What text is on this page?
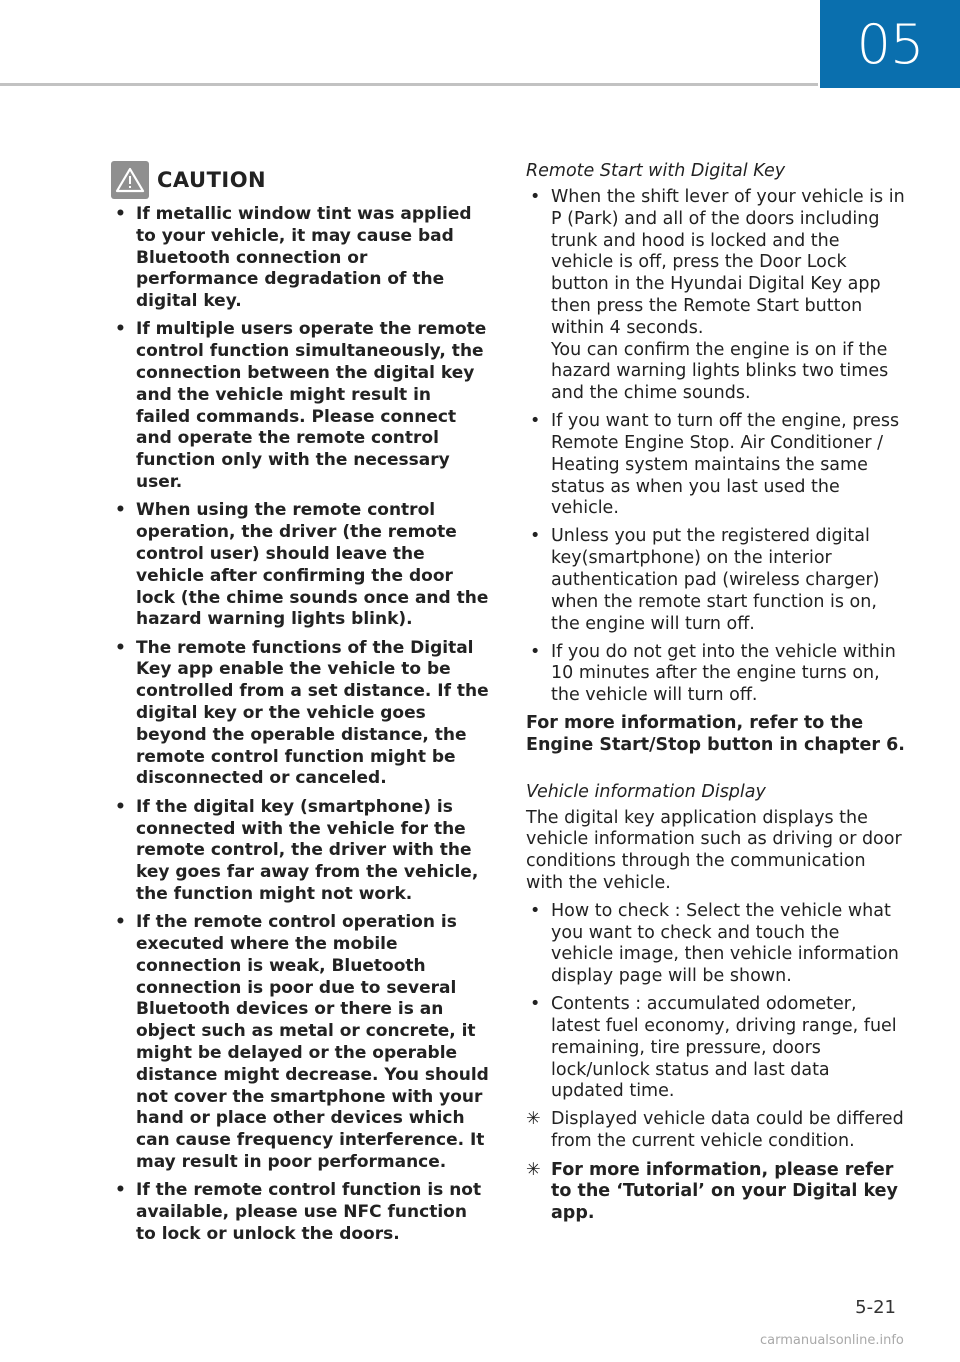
05
CAUTION
• If metallic window tint was applied to your vehicle, it may cause bad Bluetooth connection or performance degradation of the digital key.
• If multiple users operate the remote control function simultaneously, the connection between the digital key and the vehicle might result in failed commands. Please connect and operate the remote control function only with the necessary user.
• When using the remote control operation, the driver (the remote control user) should leave the vehicle after confirming the door lock (the chime sounds once and the hazard warning lights blink).
• The remote functions of the Digital Key app enable the vehicle to be controlled from a set distance. If the digital key or the vehicle goes beyond the operable distance, the remote control function might be disconnected or canceled.
• If the digital key (smartphone) is connected with the vehicle for the remote control, the driver with the key goes far away from the vehicle, the function might not work.
• If the remote control operation is executed where the mobile connection is weak, Bluetooth connection is poor due to several Bluetooth devices or there is an object such as metal or concrete, it might be delayed or the operable distance might decrease. You should not cover the smartphone with your hand or place other devices which can cause frequency interference. It may result in poor performance.
• If the remote control function is not available, please use NFC function to lock or unlock the doors.
Remote Start with Digital Key
• When the shift lever of your vehicle is in P (Park) and all of the doors including trunk and hood is locked and the vehicle is off, press the Door Lock button in the Hyundai Digital Key app then press the Remote Start button within 4 seconds.
You can confirm the engine is on if the hazard warning lights blinks two times and the chime sounds.
• If you want to turn off the engine, press Remote Engine Stop. Air Conditioner / Heating system maintains the same status as when you last used the vehicle.
• Unless you put the registered digital key(smartphone) on the interior authentication pad (wireless charger) when the remote start function is on, the engine will turn off.
• If you do not get into the vehicle within 10 minutes after the engine turns on, the vehicle will turn off.

For more information, refer to the Engine Start/Stop button in chapter 6.

Vehicle information Display

The digital key application displays the vehicle information such as driving or door conditions through the communication with the vehicle.

• How to check : Select the vehicle what you want to check and touch the vehicle image, then vehicle information display page will be shown.
• Contents : accumulated odometer, latest fuel economy, driving range, fuel remaining, tire pressure, doors lock/unlock status and last data updated time.
✳ Displayed vehicle data could be differed from the current vehicle condition.
✳ For more information, please refer to the ‘Tutorial’ on your Digital key app.
5-21
carmanualsonline.info
